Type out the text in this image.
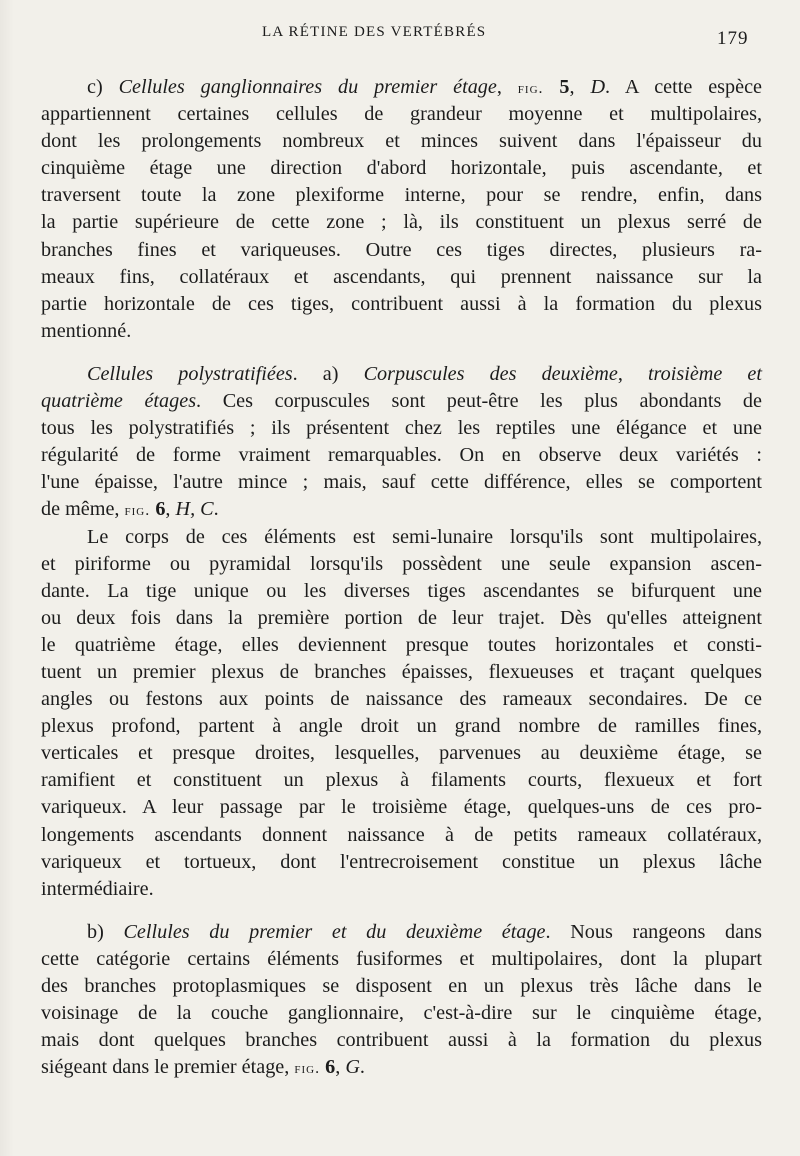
LA RÉTINE DES VERTÉBRÉS	179
c) Cellules ganglionnaires du premier étage, fig. 5, D. A cette espèce
appartiennent certaines cellules de grandeur moyenne et multipolaires,
dont les prolongements nombreux et minces suivent dans l'épaisseur du
cinquième étage une direction d'abord horizontale, puis ascendante, et
traversent toute la zone plexiforme interne, pour se rendre, enfin, dans
la partie supérieure de cette zone ; là, ils constituent un plexus serré de
branches fines et variqueuses. Outre ces tiges directes, plusieurs ra-
meaux fins, collatéraux et ascendants, qui prennent naissance sur la
partie horizontale de ces tiges, contribuent aussi à la formation du plexus
mentionné.
Cellules polystratifiées. a) Corpuscules des deuxième, troisième et
quatrième étages. Ces corpuscules sont peut-être les plus abondants de
tous les polystratifiés ; ils présentent chez les reptiles une élégance et une
régularité de forme vraiment remarquables. On en observe deux variétés :
l'une épaisse, l'autre mince ; mais, sauf cette différence, elles se comportent
de même, fig. 6, H, C.
Le corps de ces éléments est semi-lunaire lorsqu'ils sont multipolaires,
et piriforme ou pyramidal lorsqu'ils possèdent une seule expansion ascen-
dante. La tige unique ou les diverses tiges ascendantes se bifurquent une
ou deux fois dans la première portion de leur trajet. Dès qu'elles atteignent
le quatrième étage, elles deviennent presque toutes horizontales et consti-
tuent un premier plexus de branches épaisses, flexueuses et traçant quelques
angles ou festons aux points de naissance des rameaux secondaires. De ce
plexus profond, partent à angle droit un grand nombre de ramilles fines,
verticales et presque droites, lesquelles, parvenues au deuxième étage, se
ramifient et constituent un plexus à filaments courts, flexueux et fort
variqueux. A leur passage par le troisième étage, quelques-uns de ces pro-
longements ascendants donnent naissance à de petits rameaux collatéraux,
variqueux et tortueux, dont l'entrecroisement constitue un plexus lâche
intermédiaire.
b) Cellules du premier et du deuxième étage. Nous rangeons dans
cette catégorie certains éléments fusiformes et multipolaires, dont la plupart
des branches protoplasmiques se disposent en un plexus très lâche dans le
voisinage de la couche ganglionnaire, c'est-à-dire sur le cinquième étage,
mais dont quelques branches contribuent aussi à la formation du plexus
siégeant dans le premier étage, fig. 6, G.
